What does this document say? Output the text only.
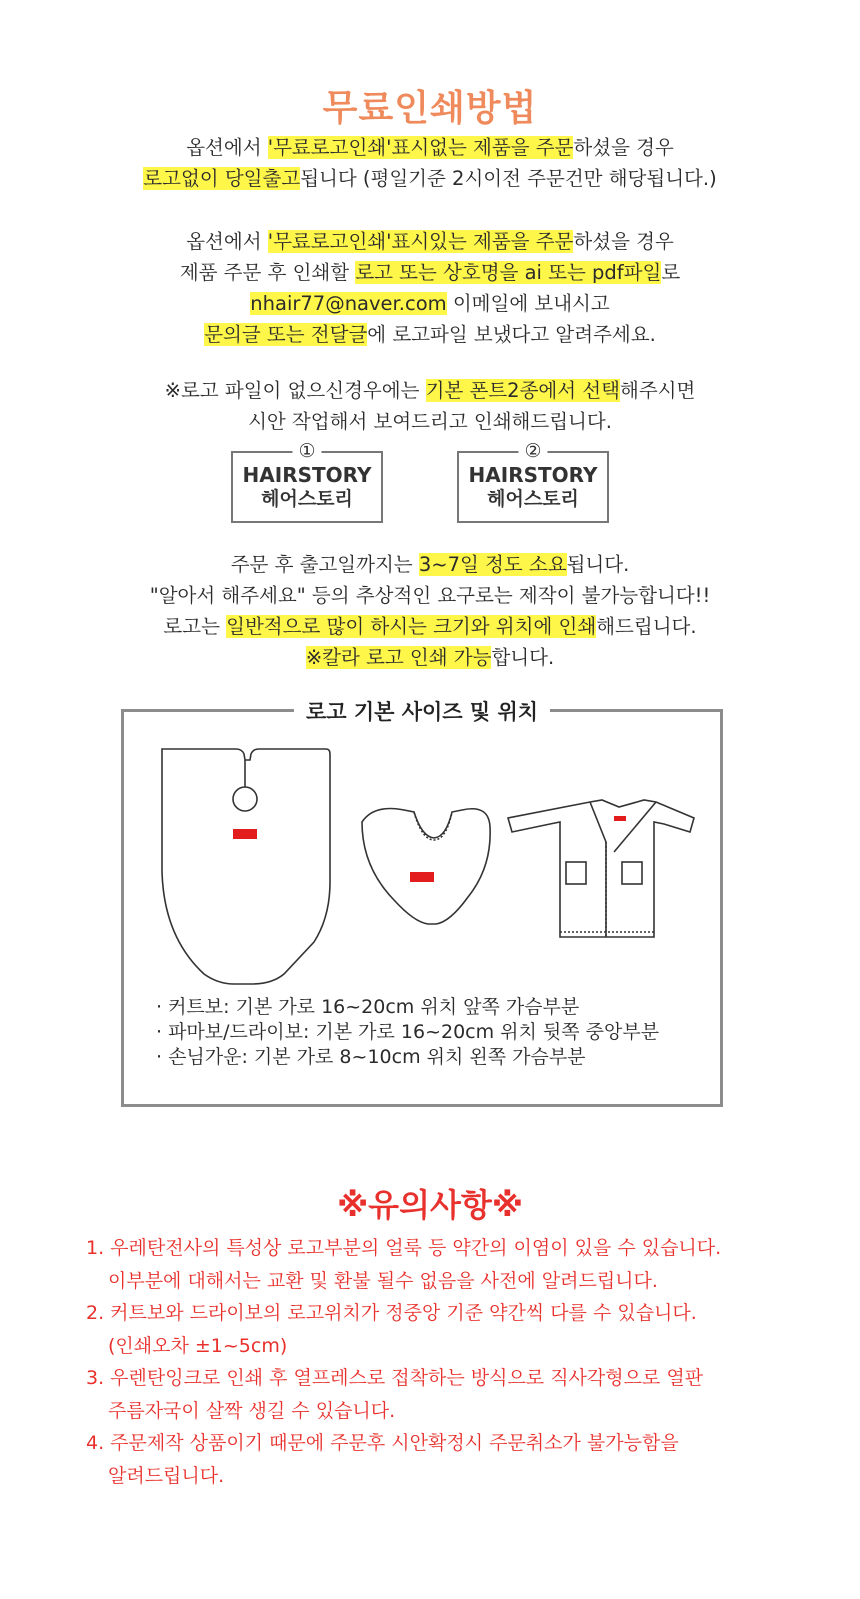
무료인쇄방법
옵션에서 '무료로고인쇄'표시없는 제품을 주문하셨을 경우
로고없이 당일출고됩니다 (평일기준 2시이전 주문건만 해당됩니다.)
옵션에서 '무료로고인쇄'표시있는 제품을 주문하셨을 경우
제품 주문 후 인쇄할 로고 또는 상호명을 ai 또는 pdf파일로
nhair77@naver.com 이메일에 보내시고
문의글 또는 전달글에 로고파일 보냈다고 알려주세요.
※로고 파일이 없으신경우에는 기본 폰트2종에서 선택해주시면
시안 작업해서 보여드리고 인쇄해드립니다.
①
HAIRSTORY
헤어스토리
②
HAIRSTORY
헤어스토리
주문 후 출고일까지는 3~7일 정도 소요됩니다.
"알아서 해주세요" 등의 추상적인 요구로는 제작이 불가능합니다!!
로고는 일반적으로 많이 하시는 크기와 위치에 인쇄해드립니다.
※칼라 로고 인쇄 가능합니다.
로고 기본 사이즈 및 위치
· 커트보: 기본 가로 16~20cm 위치 앞쪽 가슴부분
· 파마보/드라이보: 기본 가로 16~20cm 위치 뒷쪽 중앙부분
· 손님가운: 기본 가로 8~10cm 위치 왼쪽 가슴부분
※유의사항※
1. 우레탄전사의 특성상 로고부분의 얼룩 등 약간의 이염이 있을 수 있습니다.
이부분에 대해서는 교환 및 환불 될수 없음을 사전에 알려드립니다.
2. 커트보와 드라이보의 로고위치가 정중앙 기준 약간씩 다를 수 있습니다.
(인쇄오차 ±1~5cm)
3. 우렌탄잉크로 인쇄 후 열프레스로 접착하는 방식으로 직사각형으로 열판
주름자국이 살짝 생길 수 있습니다.
4. 주문제작 상품이기 때문에 주문후 시안확정시 주문취소가 불가능함을
알려드립니다.
